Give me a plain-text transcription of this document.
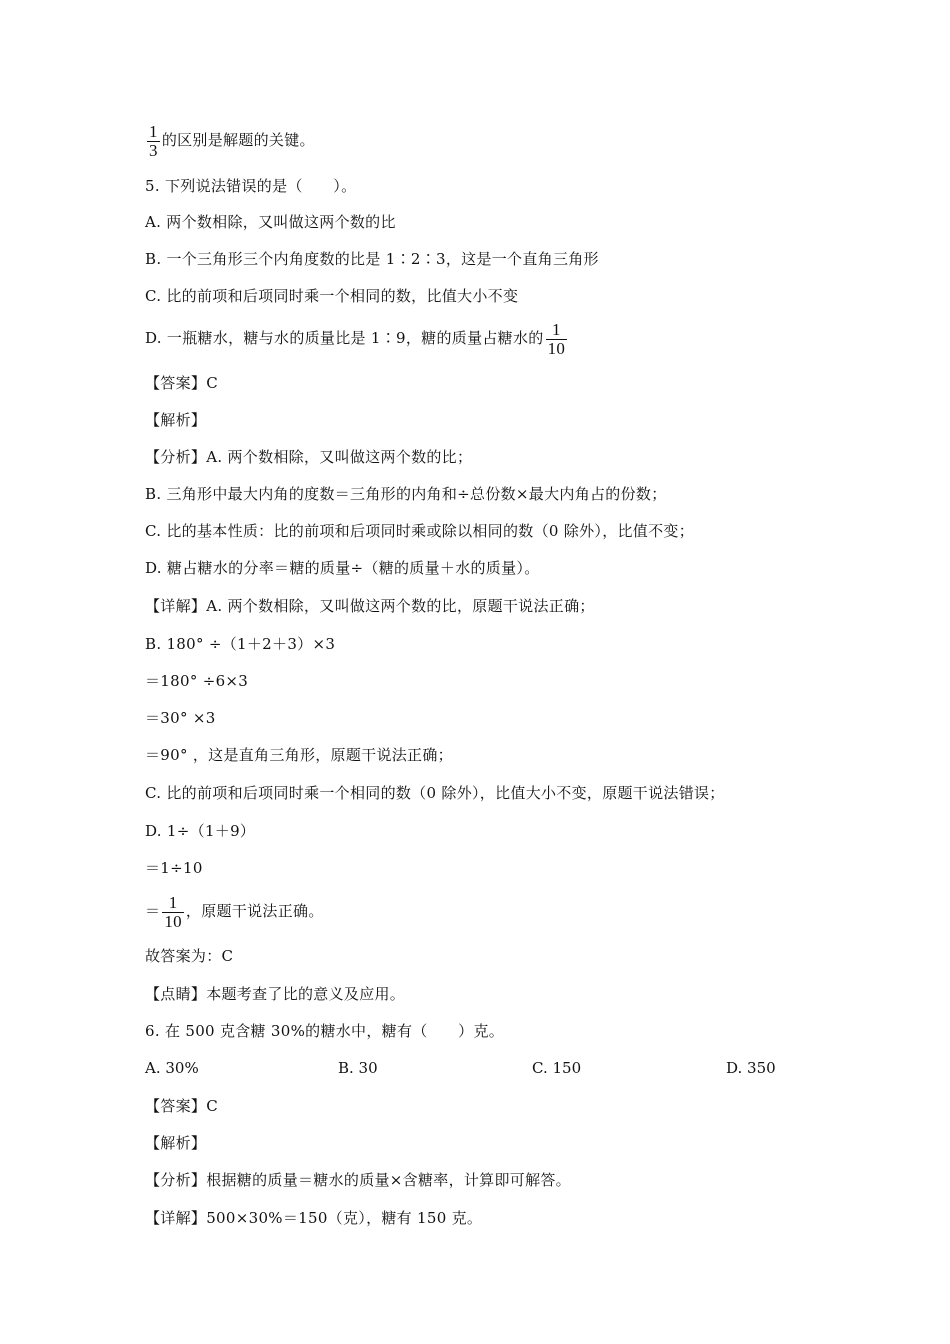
$\frac{1}{3}$ 的区别是解题的关键。
5. 下列说法错误的是（　　）。
A. 两个数相除，又叫做这两个数的比
B. 一个三角形三个内角度数的比是 1∶2∶3，这是一个直角三角形
C. 比的前项和后项同时乘一个相同的数，比值大小不变
D. 一瓶糖水，糖与水的质量比是 1∶9，糖的质量占糖水的 $\frac{1}{10}$
【答案】C
【解析】
【分析】A. 两个数相除，又叫做这两个数的比；
B. 三角形中最大内角的度数＝三角形的内角和÷总份数×最大内角占的份数；
C. 比的基本性质：比的前项和后项同时乘或除以相同的数（0 除外），比值不变；
D. 糖占糖水的分率＝糖的质量÷（糖的质量＋水的质量）。
【详解】A. 两个数相除，又叫做这两个数的比，原题干说法正确；
B. 180° ÷（1＋2＋3）×3
＝180° ÷6×3
＝30° ×3
＝90° ，这是直角三角形，原题干说法正确；
C. 比的前项和后项同时乘一个相同的数（0 除外），比值大小不变，原题干说法错误；
D. 1÷（1＋9）
＝1÷10
＝ $\frac{1}{10}$ ，原题干说法正确。
故答案为：C
【点睛】本题考查了比的意义及应用。
6. 在 500 克含糖 30%的糖水中，糖有（　　）克。
A. 30%	B. 30	C. 150	D. 350
【答案】C
【解析】
【分析】根据糖的质量＝糖水的质量×含糖率，计算即可解答。
【详解】500×30%＝150（克），糖有 150 克。
